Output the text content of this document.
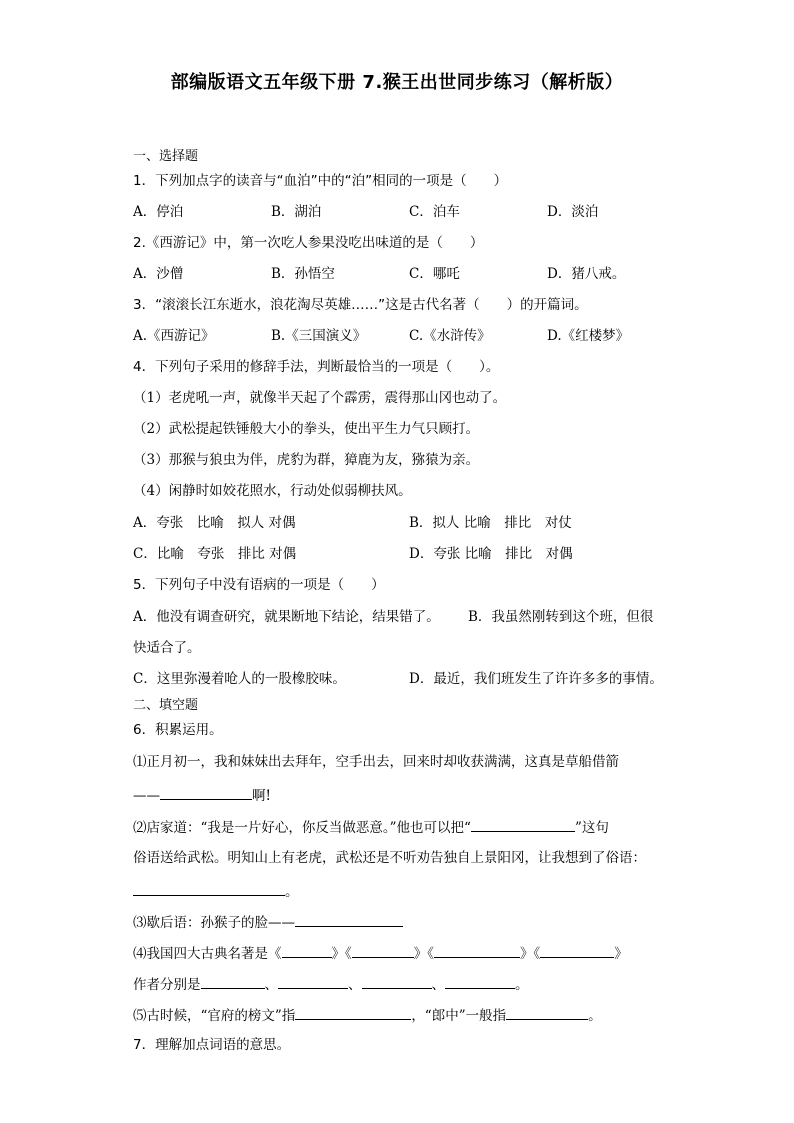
部编版语文五年级下册 7.猴王出世同步练习（解析版）
一、选择题
1．下列加点字的读音与“血泊”中的“泊”相同的一项是（　　）
A．停泊	B．湖泊	C．泊车	D．淡泊
2.《西游记》中，第一次吃人参果没吃出味道的是（　　）
A．沙僧	B．孙悟空	C．哪吒	D．猪八戒。
3．“滚滚长江东逝水，浪花淘尽英雄……”这是古代名著（　　）的开篇词。
A.《西游记》	B.《三国演义》	C.《水浒传》	D.《红楼梦》
4．下列句子采用的修辞手法，判断最恰当的一项是（　　）。
（1）老虎吼一声，就像半天起了个霹雳，震得那山冈也动了。
（2）武松提起铁锤般大小的拳头，使出平生力气只顾打。
（3）那猴与狼虫为伴，虎豹为群，獐鹿为友，猕猿为亲。
（4）闲静时如姣花照水，行动处似弱柳扶风。
A．夸张　比喻　拟人 对偶	B．拟人 比喻　排比　对仗
C．比喻　夸张　排比 对偶	D．夸张 比喻　排比　对偶
5．下列句子中没有语病的一项是（　　）
A．他没有调查研究，就果断地下结论，结果错了。 B．我虽然刚转到这个班，但很
快适合了。
C．这里弥漫着呛人的一股橡胶味。	D．最近，我们班发生了许许多多的事情。
二、填空题
6．积累运用。
⑴正月初一，我和妹妹出去拜年，空手出去，回来时却收获满满，这真是草船借箭
——	啊!
⑵店家道：“我是一片好心，你反当做恶意。”他也可以把“	”这句
俗语送给武松。明知山上有老虎，武松还是不听劝告独自上景阳冈，让我想到了俗语：
。
⑶歇后语：孙猴子的脸——
⑷我国四大古典名著是《	》《	》《	》《	》
作者分别是	、	、	、	。
⑸古时候，“官府的榜文”指	，“郎中”一般指	。
7．理解加点词语的意思。
